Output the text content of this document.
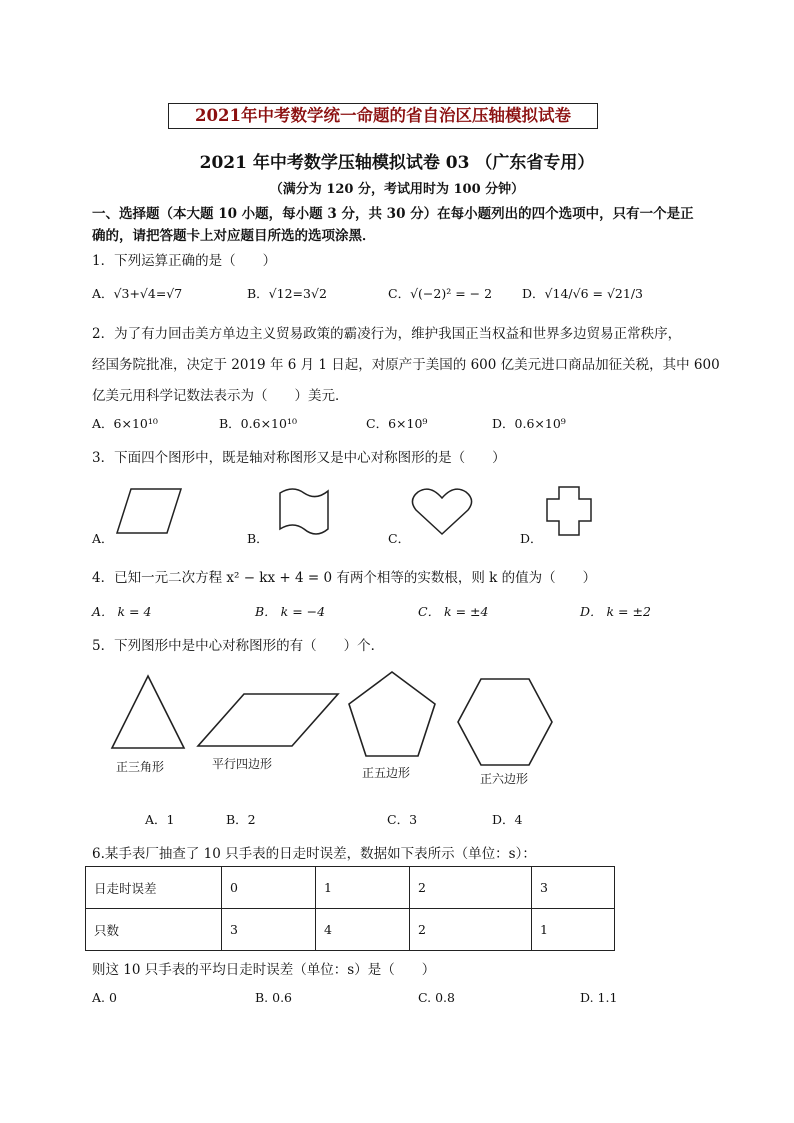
2021年中考数学统一命题的省自治区压轴模拟试卷
2021 年中考数学压轴模拟试卷 03 （广东省专用）
（满分为 120 分，考试用时为 100 分钟）
一、选择题（本大题 10 小题，每小题 3 分，共 30 分）在每小题列出的四个选项中，只有一个是正
确的，请把答题卡上对应题目所选的选项涂黑．
1．下列运算正确的是（　　）
A．√3+√4=√7	B．√12=3√2	C．√(−2)² = − 2 D．√14/√6 = √21/3
2．为了有力回击美方单边主义贸易政策的霸凌行为，维护我国正当权益和世界多边贸易正常秩序，
经国务院批准，决定于 2019 年 6 月 1 日起，对原产于美国的 600 亿美元进口商品加征关税，其中 600
亿美元用科学记数法表示为（　　）美元．
A．6×10¹⁰	B．0.6×10¹⁰	C．6×10⁹	D．0.6×10⁹
3．下面四个图形中，既是轴对称图形又是中心对称图形的是（　　）
A．	B．	C．	D．
4．已知一元二次方程 x² − kx + 4 = 0 有两个相等的实数根，则 k 的值为（　　）
A． k = 4	B． k = −4	C． k = ±4	D． k = ±2
5．下列图形中是中心对称图形的有（　　）个．
正三角形	平行四边形
正五边形	正六边形
A．1	B．2	C．3	D．4
6.某手表厂抽查了 10 只手表的日走时误差，数据如下表所示（单位：s）：
日走时误差	0	1	2	3
只数	3	4	2	1
则这 10 只手表的平均日走时误差（单位：s）是（　　）
A. 0	B. 0.6	C. 0.8	D. 1.1
